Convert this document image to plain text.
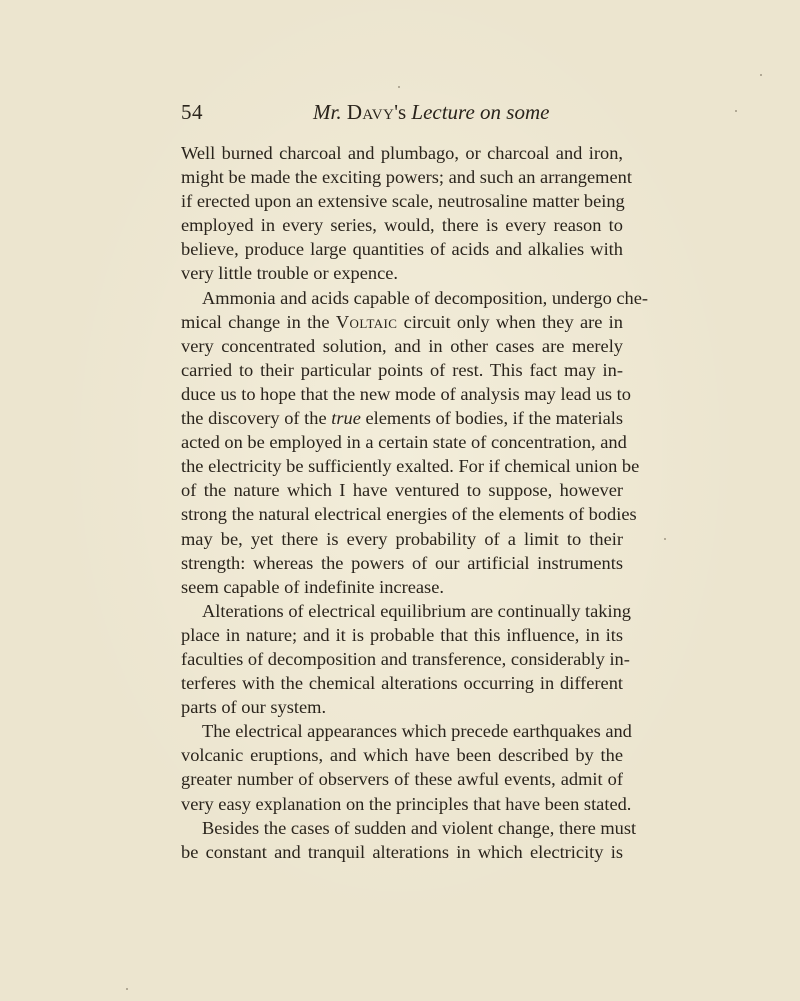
54	Mr. Davy's Lecture on some
Well burned charcoal and plumbago, or charcoal and iron,
might be made the exciting powers; and such an arrangement
if erected upon an extensive scale, neutrosaline matter being
employed in every series, would, there is every reason to
believe, produce large quantities of acids and alkalies with
very little trouble or expence.
Ammonia and acids capable of decomposition, undergo che-
mical change in the Voltaic circuit only when they are in
very concentrated solution, and in other cases are merely
carried to their particular points of rest. This fact may in-
duce us to hope that the new mode of analysis may lead us to
the discovery of the true elements of bodies, if the materials
acted on be employed in a certain state of concentration, and
the electricity be sufficiently exalted. For if chemical union be
of the nature which I have ventured to suppose, however
strong the natural electrical energies of the elements of bodies
may be, yet there is every probability of a limit to their
strength: whereas the powers of our artificial instruments
seem capable of indefinite increase.
Alterations of electrical equilibrium are continually taking
place in nature; and it is probable that this influence, in its
faculties of decomposition and transference, considerably in-
terferes with the chemical alterations occurring in different
parts of our system.
The electrical appearances which precede earthquakes and
volcanic eruptions, and which have been described by the
greater number of observers of these awful events, admit of
very easy explanation on the principles that have been stated.
Besides the cases of sudden and violent change, there must
be constant and tranquil alterations in which electricity is
